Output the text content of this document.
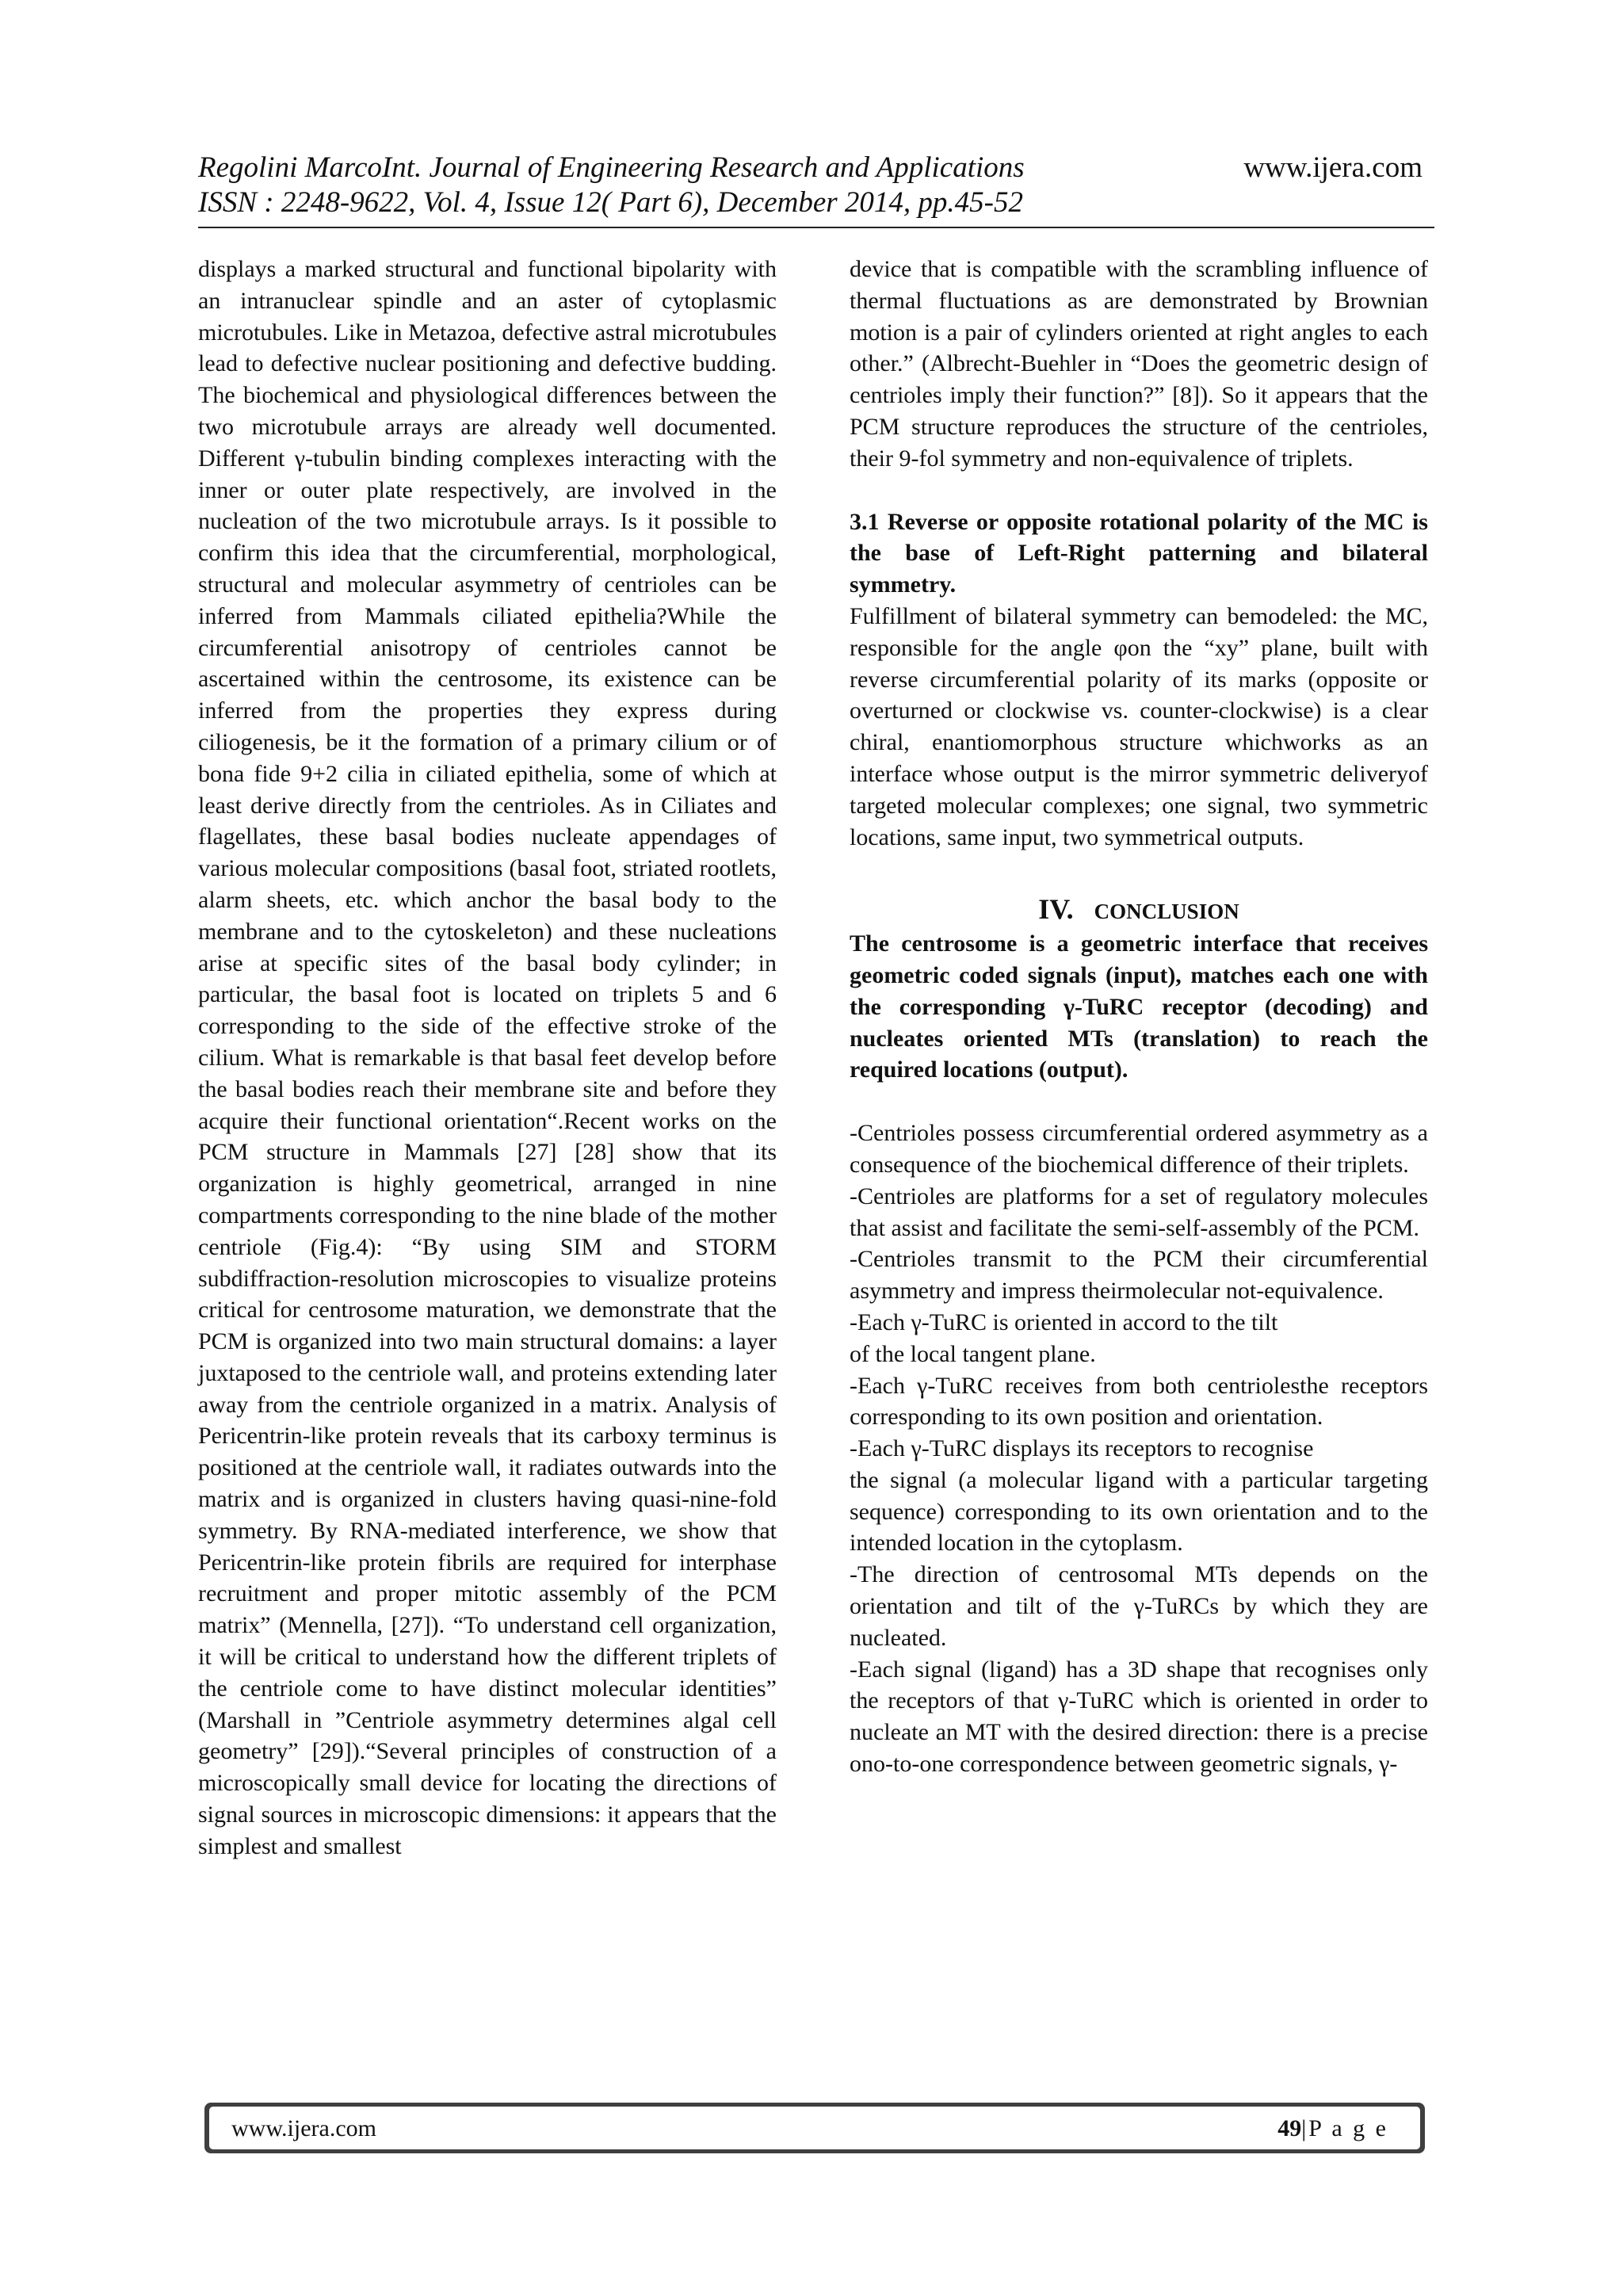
Regolini MarcoInt. Journal of Engineering Research and Applications	www.ijera.com
ISSN : 2248-9622, Vol. 4, Issue 12( Part 6), December 2014, pp.45-52

displays a marked structural and functional bipolarity with an intranuclear spindle and an aster of cytoplasmic microtubules. Like in Metazoa, defective astral microtubules lead to defective nuclear positioning and defective budding. The biochemical and physiological differences between the two microtubule arrays are already well documented. Different γ-tubulin binding complexes interacting with the inner or outer plate respectively, are involved in the nucleation of the two microtubule arrays. Is it possible to confirm this idea that the circumferential, morphological, structural and molecular asymmetry of centrioles can be inferred from Mammals ciliated epithelia?While the circumferential anisotropy of centrioles cannot be ascertained within the centrosome, its existence can be inferred from the properties they express during ciliogenesis, be it the formation of a primary cilium or of bona fide 9+2 cilia in ciliated epithelia, some of which at least derive directly from the centrioles. As in Ciliates and flagellates, these basal bodies nucleate appendages of various molecular compositions (basal foot, striated rootlets, alarm sheets, etc. which anchor the basal body to the membrane and to the cytoskeleton) and these nucleations arise at specific sites of the basal body cylinder; in particular, the basal foot is located on triplets 5 and 6 corresponding to the side of the effective stroke of the cilium. What is remarkable is that basal feet develop before the basal bodies reach their membrane site and before they acquire their functional orientation“.Recent works on the PCM structure in Mammals [27] [28] show that its organization is highly geometrical, arranged in nine compartments corresponding to the nine blade of the mother centriole (Fig.4): “By using SIM and STORM subdiffraction-resolution microscopies to visualize proteins critical for centrosome maturation, we demonstrate that the PCM is organized into two main structural domains: a layer juxtaposed to the centriole wall, and proteins extending later away from the centriole organized in a matrix. Analysis of Pericentrin-like protein reveals that its carboxy terminus is positioned at the centriole wall, it radiates outwards into the matrix and is organized in clusters having quasi-nine-fold symmetry. By RNA-mediated interference, we show that Pericentrin-like protein fibrils are required for interphase recruitment and proper mitotic assembly of the PCM matrix” (Mennella, [27]). “To understand cell organization, it will be critical to understand how the different triplets of the centriole come to have distinct molecular identities” (Marshall in ”Centriole asymmetry determines algal cell geometry” [29]).“Several principles of construction of a microscopically small device for locating the directions of signal sources in microscopic dimensions: it appears that the simplest and smallest

device that is compatible with the scrambling influence of thermal fluctuations as are demonstrated by Brownian motion is a pair of cylinders oriented at right angles to each other.” (Albrecht-Buehler in “Does the geometric design of centrioles imply their function?” [8]). So it appears that the PCM structure reproduces the structure of the centrioles, their 9-fol symmetry and non-equivalence of triplets.

3.1 Reverse or opposite rotational polarity of the MC is the base of Left-Right patterning and bilateral symmetry.

Fulfillment of bilateral symmetry can bemodeled: the MC, responsible for the angle φon the “xy” plane, built with reverse circumferential polarity of its marks (opposite or overturned or clockwise vs. counter-clockwise) is a clear chiral, enantiomorphous structure whichworks as an interface whose output is the mirror symmetric deliveryof targeted molecular complexes; one signal, two symmetric locations, same input, two symmetrical outputs.

IV. CONCLUSION

The centrosome is a geometric interface that receives geometric coded signals (input), matches each one with the corresponding γ-TuRC receptor (decoding) and nucleates oriented MTs (translation) to reach the required locations (output).

-Centrioles possess circumferential ordered asymmetry as a consequence of the biochemical difference of their triplets.

-Centrioles are platforms for a set of regulatory molecules that assist and facilitate the semi-self-assembly of the PCM.

-Centrioles transmit to the PCM their circumferential asymmetry and impress theirmolecular not-equivalence.

-Each γ-TuRC is oriented in accord to the tilt

of the local tangent plane.

-Each γ-TuRC receives from both centriolesthe receptors corresponding to its own position and orientation.

-Each γ-TuRC displays its receptors to recognise

the signal (a molecular ligand with a particular targeting sequence) corresponding to its own orientation and to the intended location in the cytoplasm.

-The direction of centrosomal MTs depends on the orientation and tilt of the γ-TuRCs by which they are nucleated.

-Each signal (ligand) has a 3D shape that recognises only the receptors of that γ-TuRC which is oriented in order to nucleate an MT with the desired direction: there is a precise ono-to-one correspondence between geometric signals, γ-

www.ijera.com	49|P a g e
